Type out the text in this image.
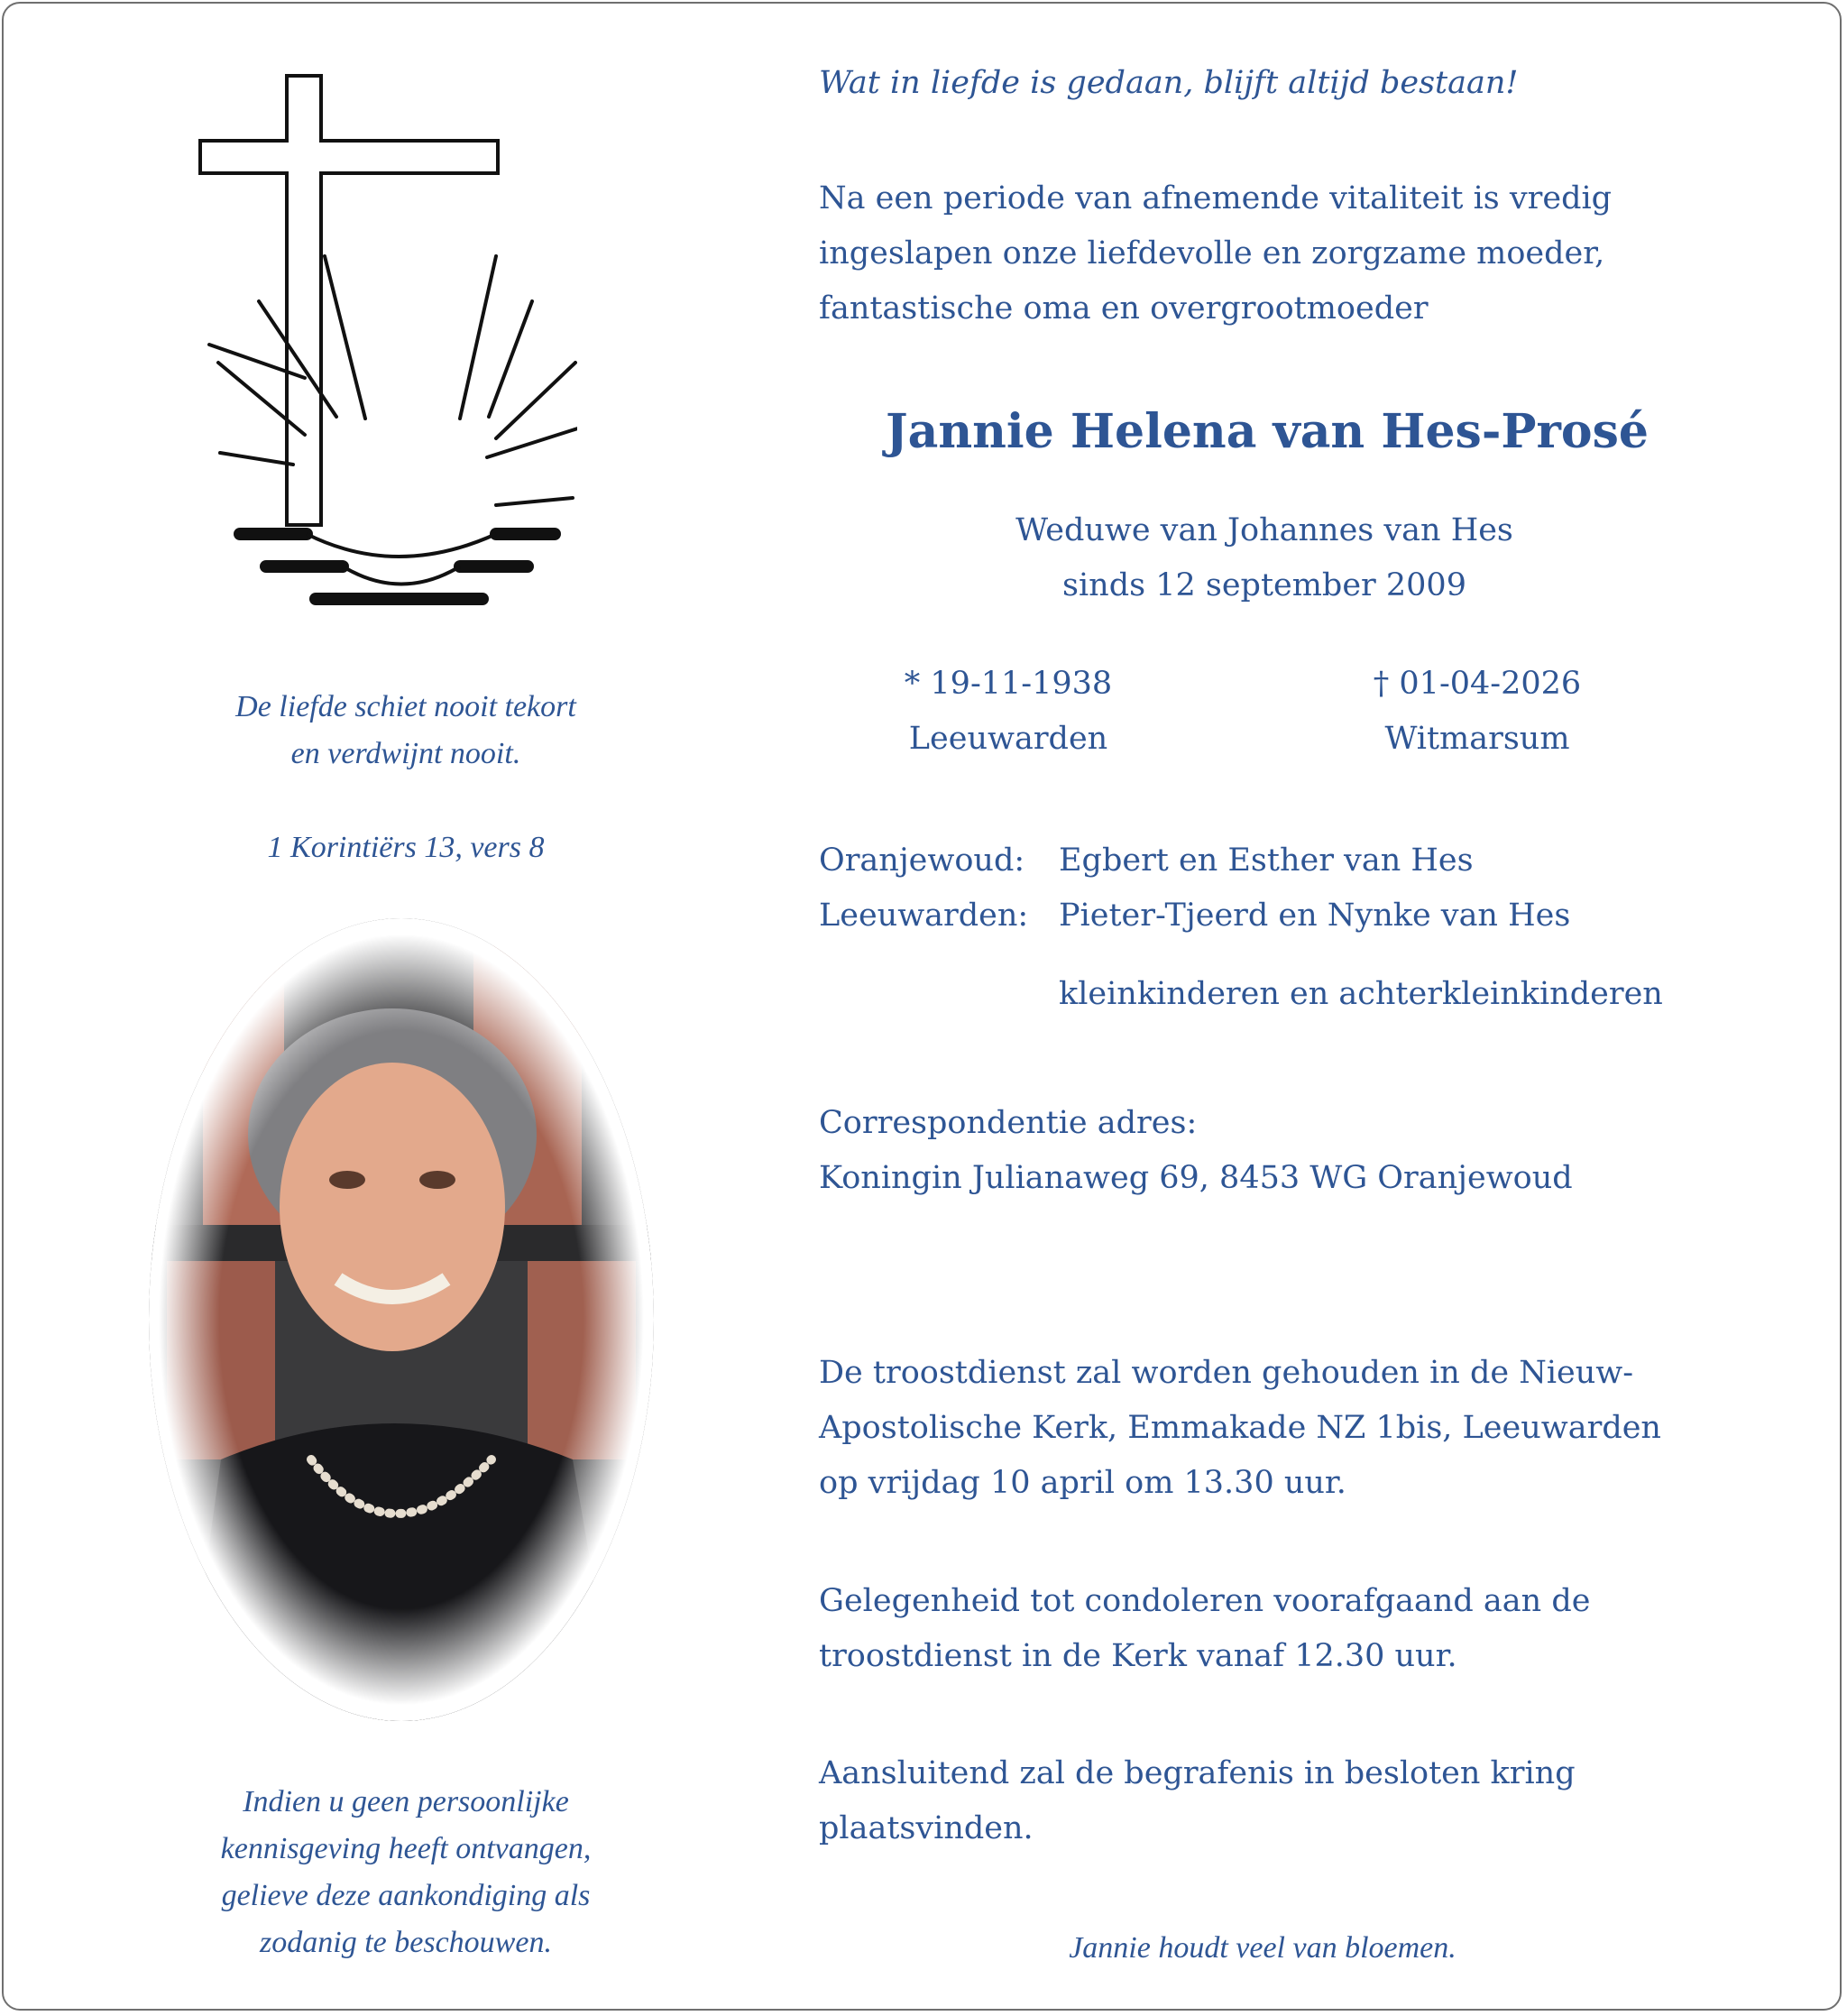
De liefde schiet nooit tekort
en verdwijnt nooit.
1 Korintiërs 13, vers 8
Indien u geen persoonlijke
kennisgeving heeft ontvangen,
gelieve deze aankondiging als
zodanig te beschouwen.
Wat in liefde is gedaan, blijft altijd bestaan!
Na een periode van afnemende vitaliteit is vredig
ingeslapen onze liefdevolle en zorgzame moeder,
fantastische oma en overgrootmoeder
Jannie Helena van Hes-Prosé
Weduwe van Johannes van Hes
sinds 12 september 2009
* 19-11-1938
Leeuwarden
† 01-04-2026
Witmarsum
Oranjewoud: Egbert en Esther van Hes
Leeuwarden: Pieter-Tjeerd en Nynke van Hes
kleinkinderen en achterkleinkinderen
Correspondentie adres:
Koningin Julianaweg 69, 8453 WG Oranjewoud
De troostdienst zal worden gehouden in de Nieuw-
Apostolische Kerk, Emmakade NZ 1bis, Leeuwarden
op vrijdag 10 april om 13.30 uur.
Gelegenheid tot condoleren voorafgaand aan de
troostdienst in de Kerk vanaf 12.30 uur.
Aansluitend zal de begrafenis in besloten kring
plaatsvinden.
Jannie houdt veel van bloemen.
